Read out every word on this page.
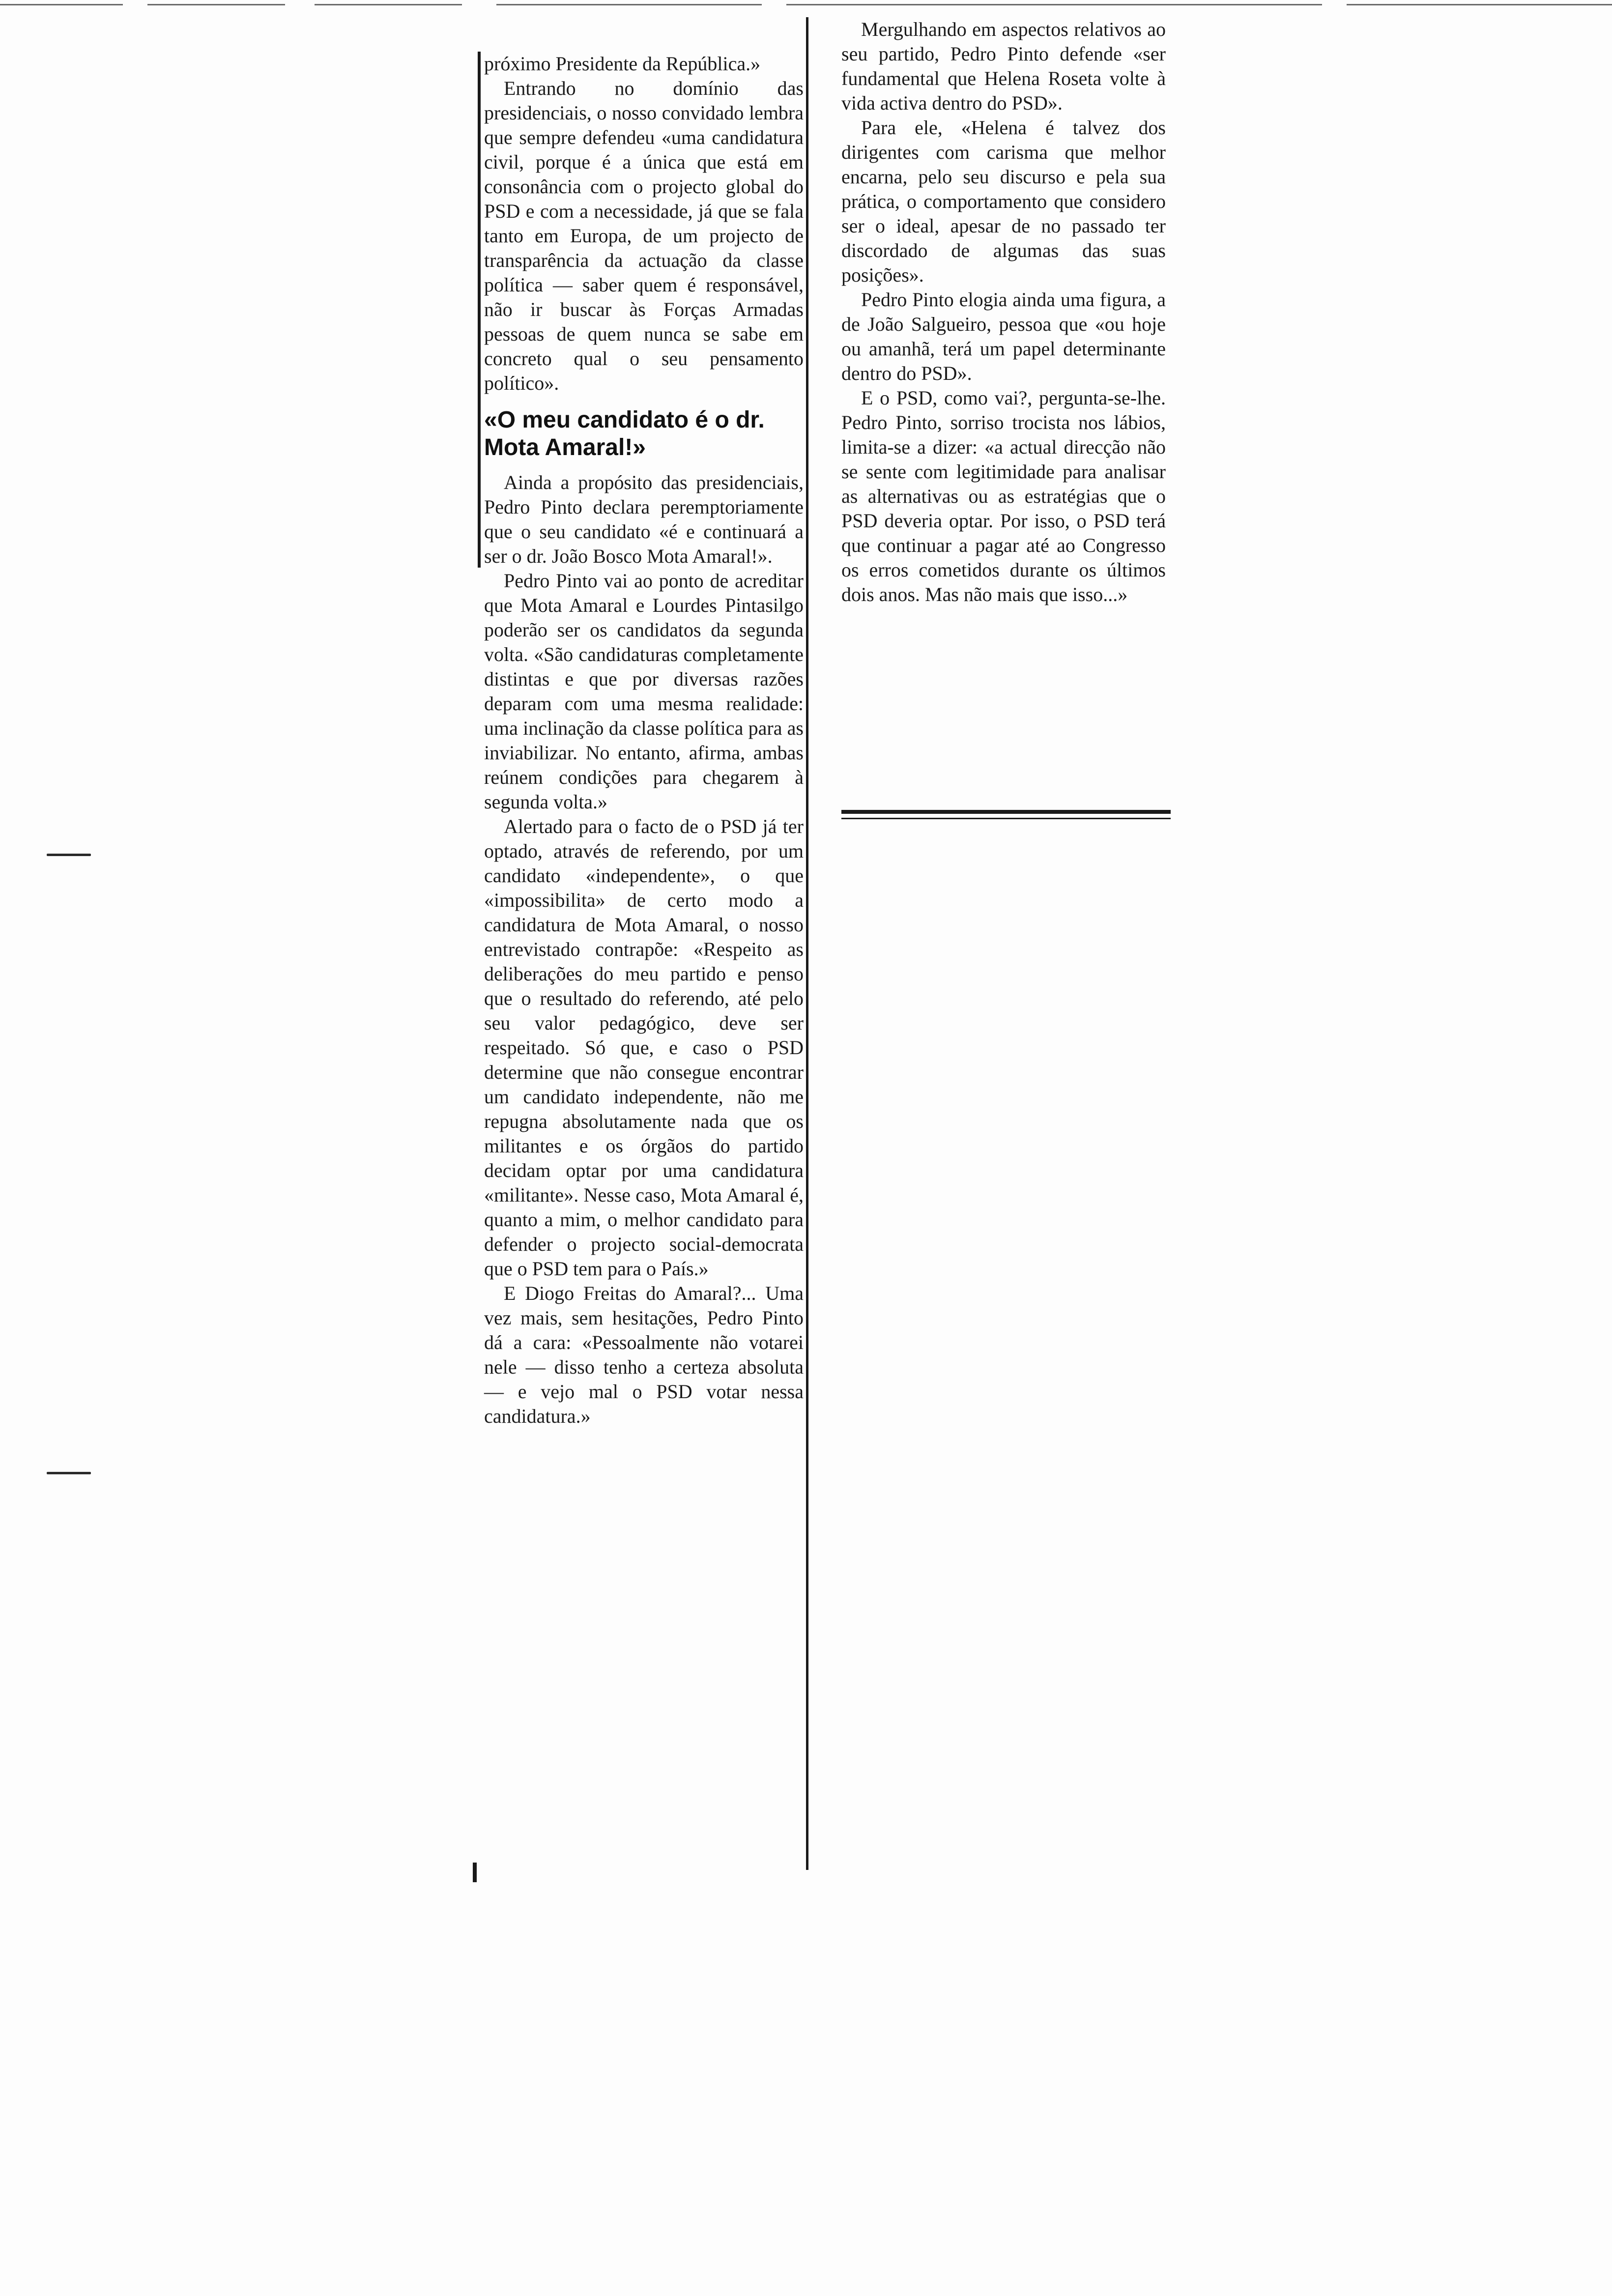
próximo Presidente da República.»

Entrando no domínio das presidenciais, o nosso convidado lembra que sempre defendeu «uma candidatura civil, porque é a única que está em consonância com o projecto global do PSD e com a necessidade, já que se fala tanto em Europa, de um projecto de transparência da actuação da classe política — saber quem é responsável, não ir buscar às Forças Armadas pessoas de quem nunca se sabe em concreto qual o seu pensamento político».

«O meu candidato é o dr. Mota Amaral!»

Ainda a propósito das presidenciais, Pedro Pinto declara peremptoriamente que o seu candidato «é e continuará a ser o dr. João Bosco Mota Amaral!».

Pedro Pinto vai ao ponto de acreditar que Mota Amaral e Lourdes Pintasilgo poderão ser os candidatos da segunda volta. «São candidaturas completamente distintas e que por diversas razões deparam com uma mesma realidade: uma inclinação da classe política para as inviabilizar. No entanto, afirma, ambas reúnem condições para chegarem à segunda volta.»

Alertado para o facto de o PSD já ter optado, através de referendo, por um candidato «independente», o que «impossibilita» de certo modo a candidatura de Mota Amaral, o nosso entrevistado contrapõe: «Respeito as deliberações do meu partido e penso que o resultado do referendo, até pelo seu valor pedagógico, deve ser respeitado. Só que, e caso o PSD determine que não consegue encontrar um candidato independente, não me repugna absolutamente nada que os militantes e os órgãos do partido decidam optar por uma candidatura «militante». Nesse caso, Mota Amaral é, quanto a mim, o melhor candidato para defender o projecto social-democrata que o PSD tem para o País.»

E Diogo Freitas do Amaral?... Uma vez mais, sem hesitações, Pedro Pinto dá a cara: «Pessoalmente não votarei nele — disso tenho a certeza absoluta — e vejo mal o PSD votar nessa candidatura.»

Mergulhando em aspectos relativos ao seu partido, Pedro Pinto defende «ser fundamental que Helena Roseta volte à vida activa dentro do PSD».

Para ele, «Helena é talvez dos dirigentes com carisma que melhor encarna, pelo seu discurso e pela sua prática, o comportamento que considero ser o ideal, apesar de no passado ter discordado de algumas das suas posições».

Pedro Pinto elogia ainda uma figura, a de João Salgueiro, pessoa que «ou hoje ou amanhã, terá um papel determinante dentro do PSD».

E o PSD, como vai?, pergunta-se-lhe. Pedro Pinto, sorriso trocista nos lábios, limita-se a dizer: «a actual direcção não se sente com legitimidade para analisar as alternativas ou as estratégias que o PSD deveria optar. Por isso, o PSD terá que continuar a pagar até ao Congresso os erros cometidos durante os últimos dois anos. Mas não mais que isso...»
